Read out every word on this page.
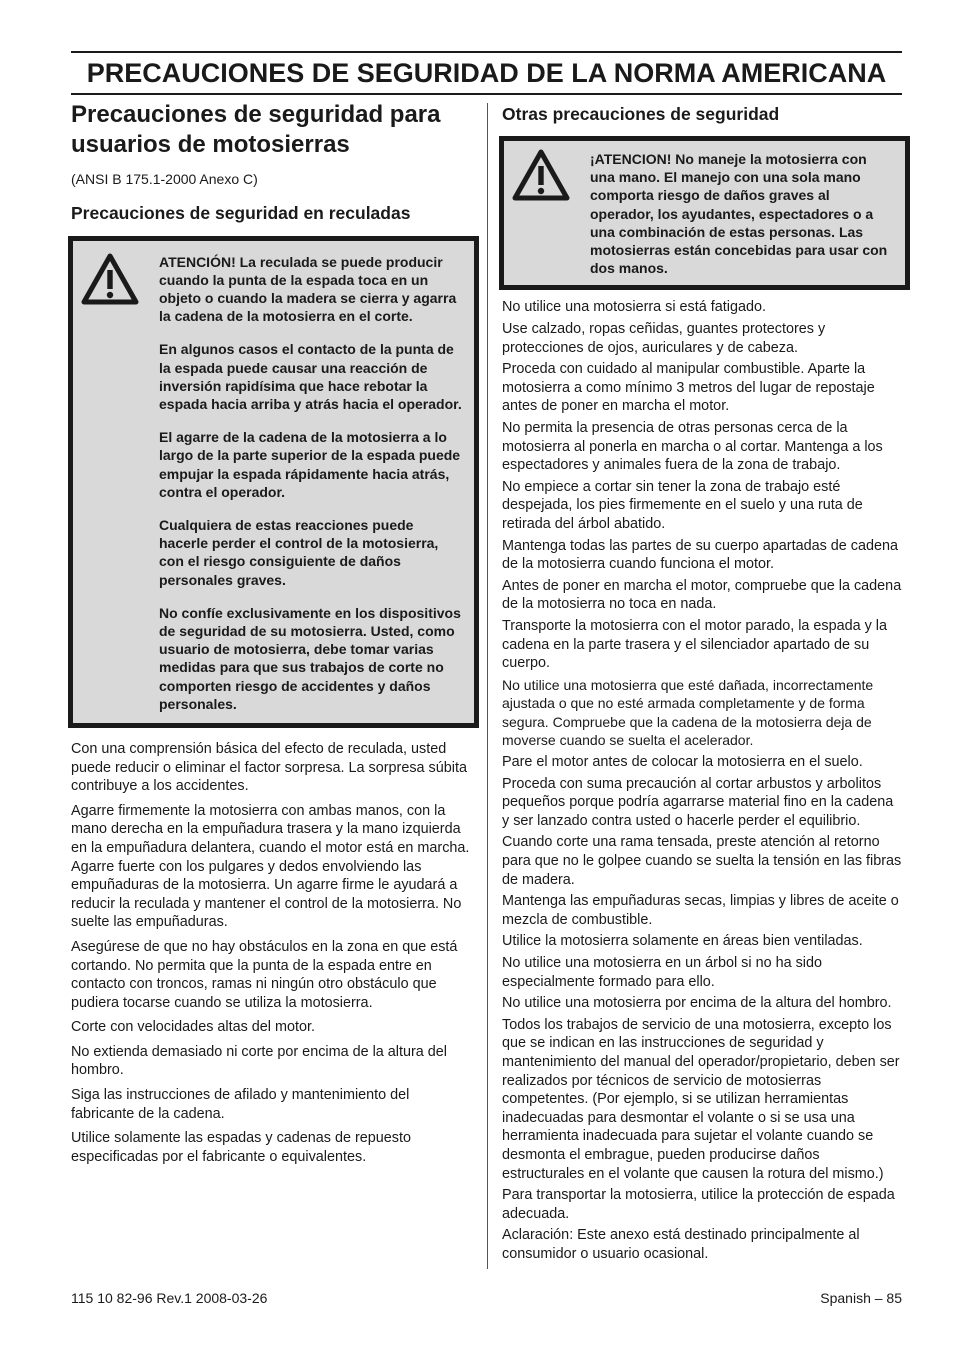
PRECAUCIONES DE SEGURIDAD DE LA NORMA AMERICANA
Precauciones de seguridad para usuarios de motosierras

(ANSI B 175.1-2000 Anexo C)

Precauciones de seguridad en reculadas

ATENCIÓN! La reculada se puede producir cuando la punta de la espada toca en un objeto o cuando la madera se cierra y agarra la cadena de la motosierra en el corte.

En algunos casos el contacto de la punta de la espada puede causar una reacción de inversión rapidísima que hace rebotar la espada hacia arriba y atrás hacia el operador.

El agarre de la cadena de la motosierra a lo largo de la parte superior de la espada puede empujar la espada rápidamente hacia atrás, contra el operador.

Cualquiera de estas reacciones puede hacerle perder el control de la motosierra, con el riesgo consiguiente de daños personales graves.

No confíe exclusivamente en los dispositivos de seguridad de su motosierra. Usted, como usuario de motosierra, debe tomar varias medidas para que sus trabajos de corte no comporten riesgo de accidentes y daños personales.

Con una comprensión básica del efecto de reculada, usted puede reducir o eliminar el factor sorpresa. La sorpresa súbita contribuye a los accidentes.

Agarre firmemente la motosierra con ambas manos, con la mano derecha en la empuñadura trasera y la mano izquierda en la empuñadura delantera, cuando el motor está en marcha. Agarre fuerte con los pulgares y dedos envolviendo las empuñaduras de la motosierra. Un agarre firme le ayudará a reducir la reculada y mantener el control de la motosierra. No suelte las empuñaduras.

Asegúrese de que no hay obstáculos en la zona en que está cortando. No permita que la punta de la espada entre en contacto con troncos, ramas ni ningún otro obstáculo que pudiera tocarse cuando se utiliza la motosierra.

Corte con velocidades altas del motor.

No extienda demasiado ni corte por encima de la altura del hombro.

Siga las instrucciones de afilado y mantenimiento del fabricante de la cadena.

Utilice solamente las espadas y cadenas de repuesto especificadas por el fabricante o equivalentes.

Otras precauciones de seguridad

¡ATENCION! No maneje la motosierra con una mano. El manejo con una sola mano comporta riesgo de daños graves al operador, los ayudantes, espectadores o a una combinación de estas personas. Las motosierras están concebidas para usar con dos manos.

No utilice una motosierra si está fatigado.

Use calzado, ropas ceñidas, guantes protectores y protecciones de ojos, auriculares y de cabeza.

Proceda con cuidado al manipular combustible. Aparte la motosierra a como mínimo 3 metros del lugar de repostaje antes de poner en marcha el motor.

No permita la presencia de otras personas cerca de la motosierra al ponerla en marcha o al cortar. Mantenga a los espectadores y animales fuera de la zona de trabajo.

No empiece a cortar sin tener la zona de trabajo esté despejada, los pies firmemente en el suelo y una ruta de retirada del árbol abatido.

Mantenga todas las partes de su cuerpo apartadas de cadena de la motosierra cuando funciona el motor.

Antes de poner en marcha el motor, compruebe que la cadena de la motosierra no toca en nada.

Transporte la motosierra con el motor parado, la espada y la cadena en la parte trasera y el silenciador apartado de su cuerpo.

No utilice una motosierra que esté dañada, incorrectamente ajustada o que no esté armada completamente y de forma segura. Compruebe que la cadena de la motosierra deja de moverse cuando se suelta el acelerador.

Pare el motor antes de colocar la motosierra en el suelo.

Proceda con suma precaución al cortar arbustos y arbolitos pequeños porque podría agarrarse material fino en la cadena y ser lanzado contra usted o hacerle perder el equilibrio.

Cuando corte una rama tensada, preste atención al retorno para que no le golpee cuando se suelta la tensión en las fibras de madera.

Mantenga las empuñaduras secas, limpias y libres de aceite o mezcla de combustible.

Utilice la motosierra solamente en áreas bien ventiladas.

No utilice una motosierra en un árbol si no ha sido especialmente formado para ello.

No utilice una motosierra por encima de la altura del hombro.

Todos los trabajos de servicio de una motosierra, excepto los que se indican en las instrucciones de seguridad y mantenimiento del manual del operador/propietario, deben ser realizados por técnicos de servicio de motosierras competentes. (Por ejemplo, si se utilizan herramientas inadecuadas para desmontar el volante o si se usa una herramienta inadecuada para sujetar el volante cuando se desmonta el embrague, pueden producirse daños estructurales en el volante que causen la rotura del mismo.)

Para transportar la motosierra, utilice la protección de espada adecuada.

Aclaración: Este anexo está destinado principalmente al consumidor o usuario ocasional.

115 10 82-96 Rev.1 2008-03-26	Spanish – 85
